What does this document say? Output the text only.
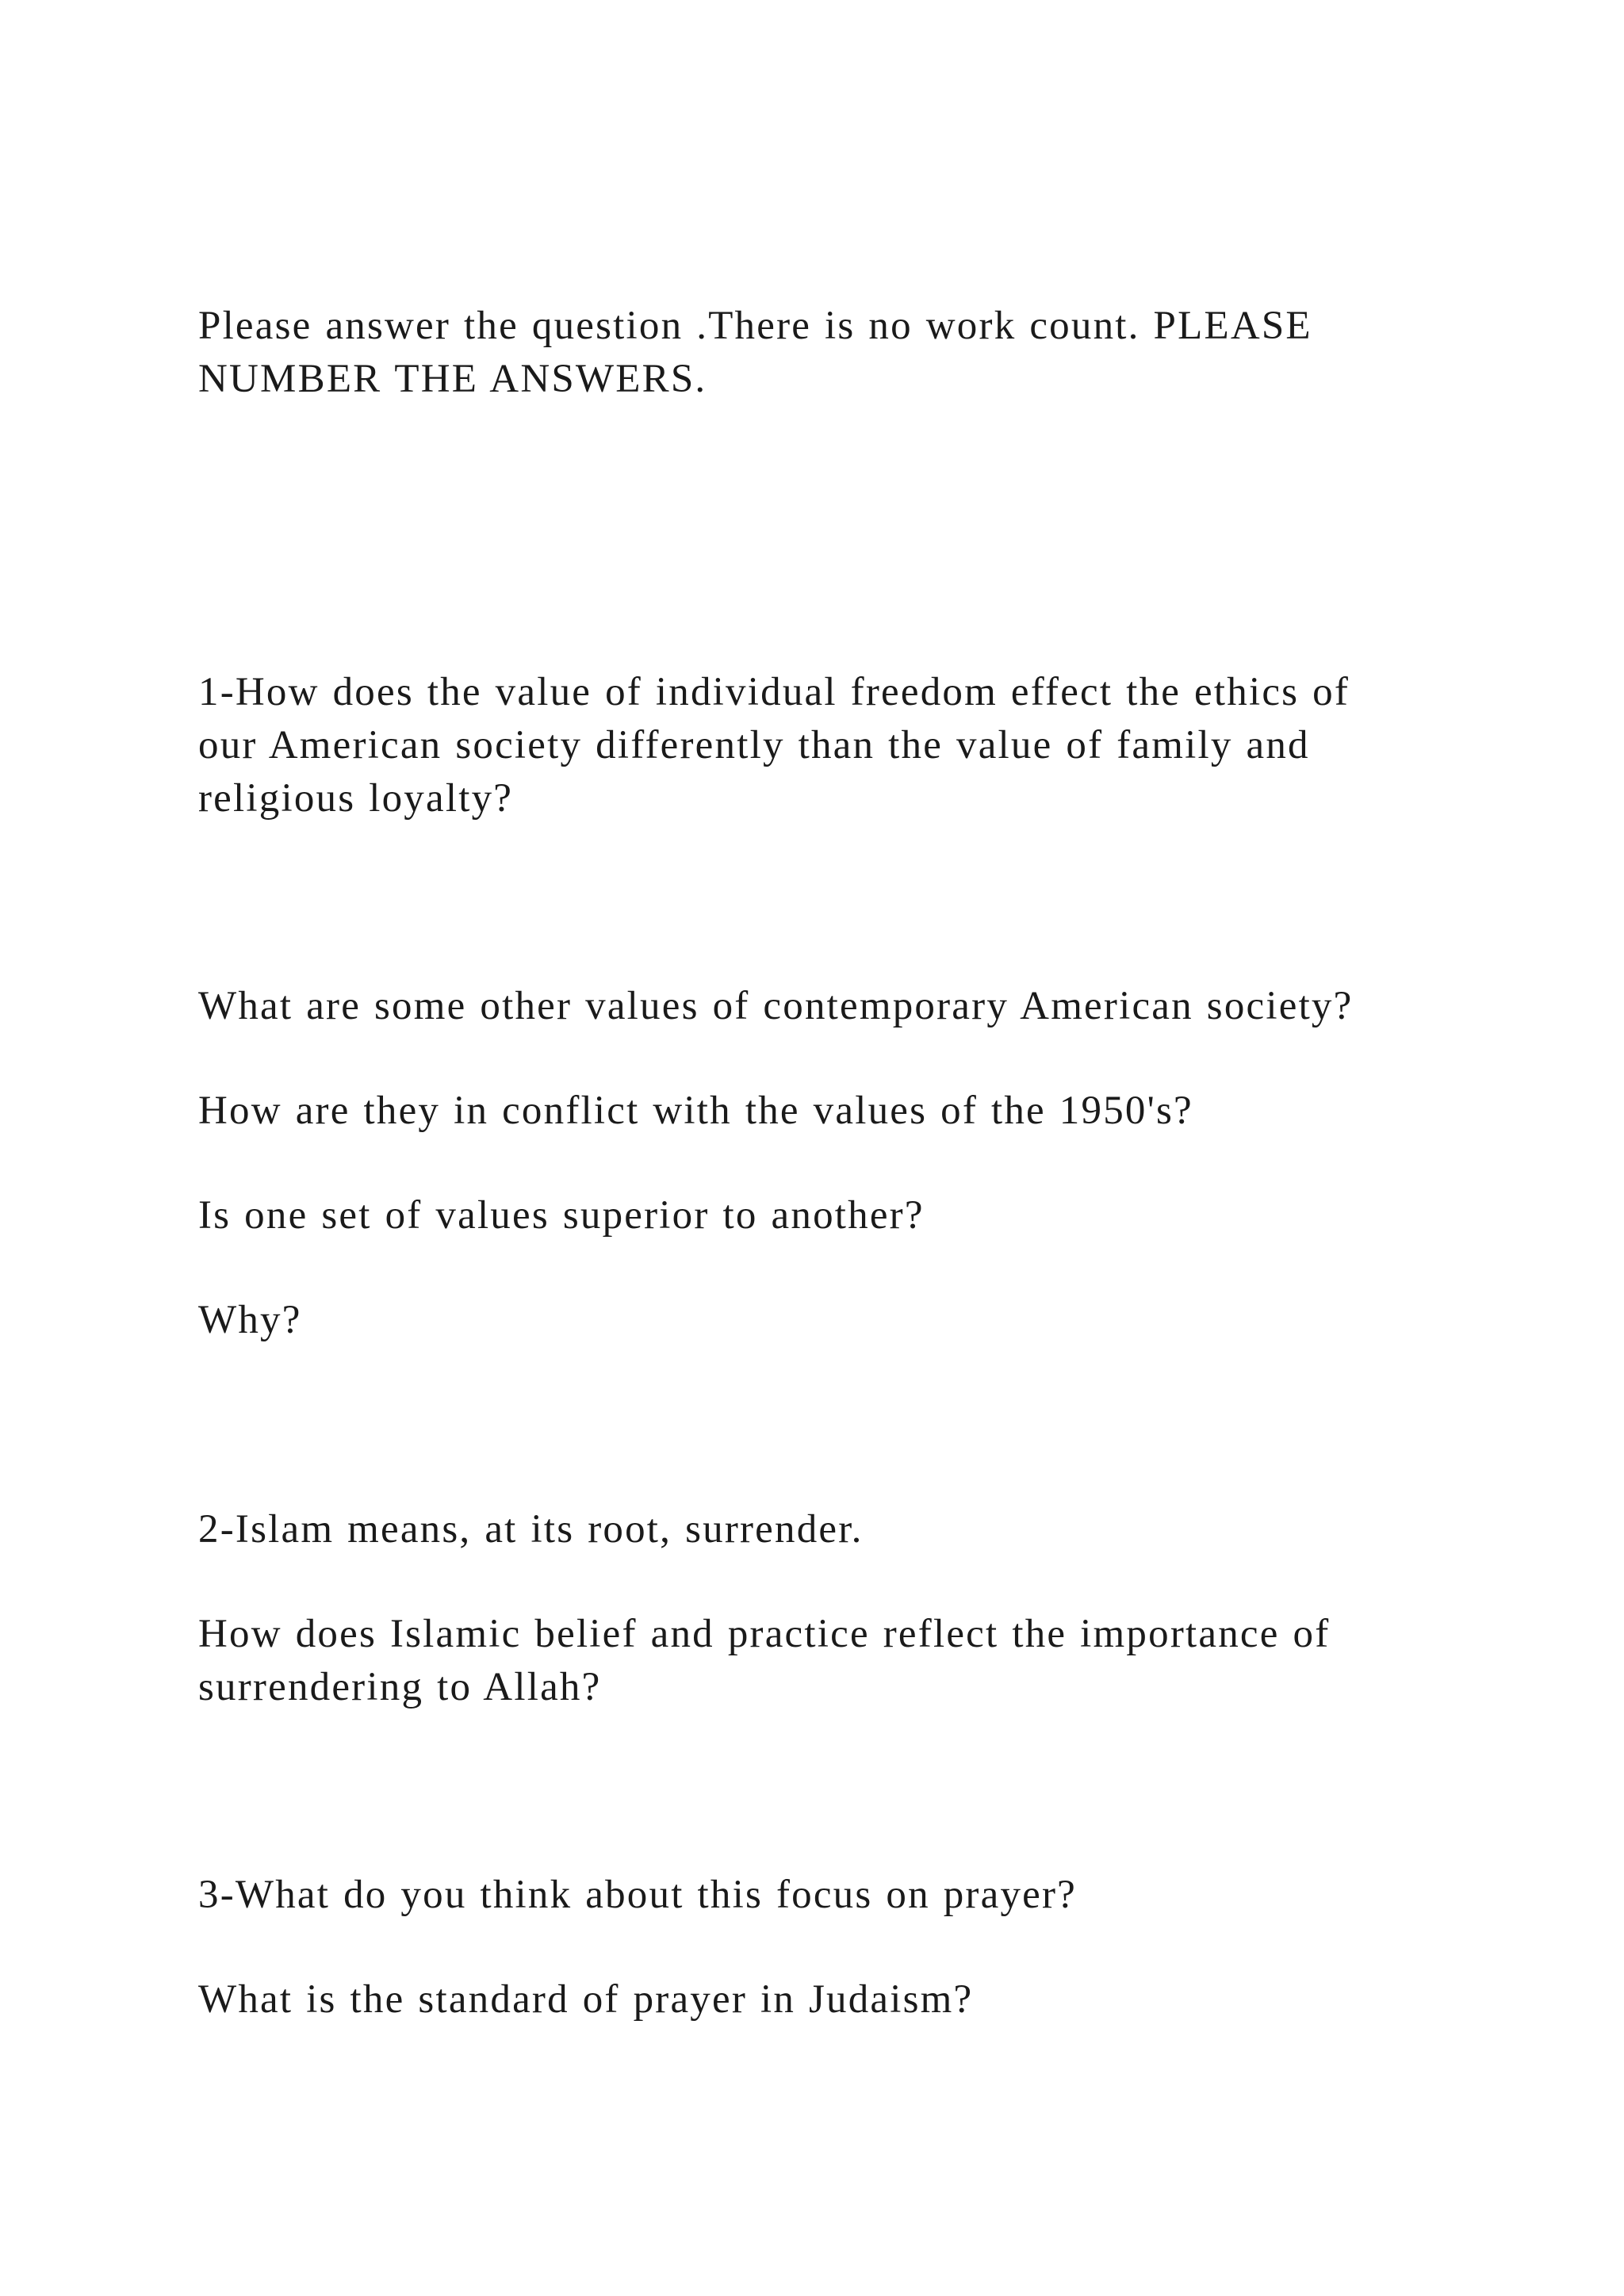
Please answer the question .There is no work count. PLEASE
NUMBER THE ANSWERS.

1-How does the value of individual freedom effect the ethics of
our American society differently than the value of family and
religious loyalty?

What are some other values of contemporary American society?

How are they in conflict with the values of the 1950's?

Is one set of values superior to another?

Why?

2-Islam means, at its root, surrender.

How does Islamic belief and practice reflect the importance of
surrendering to Allah?

3-What do you think about this focus on prayer?

What is the standard of prayer in Judaism?
